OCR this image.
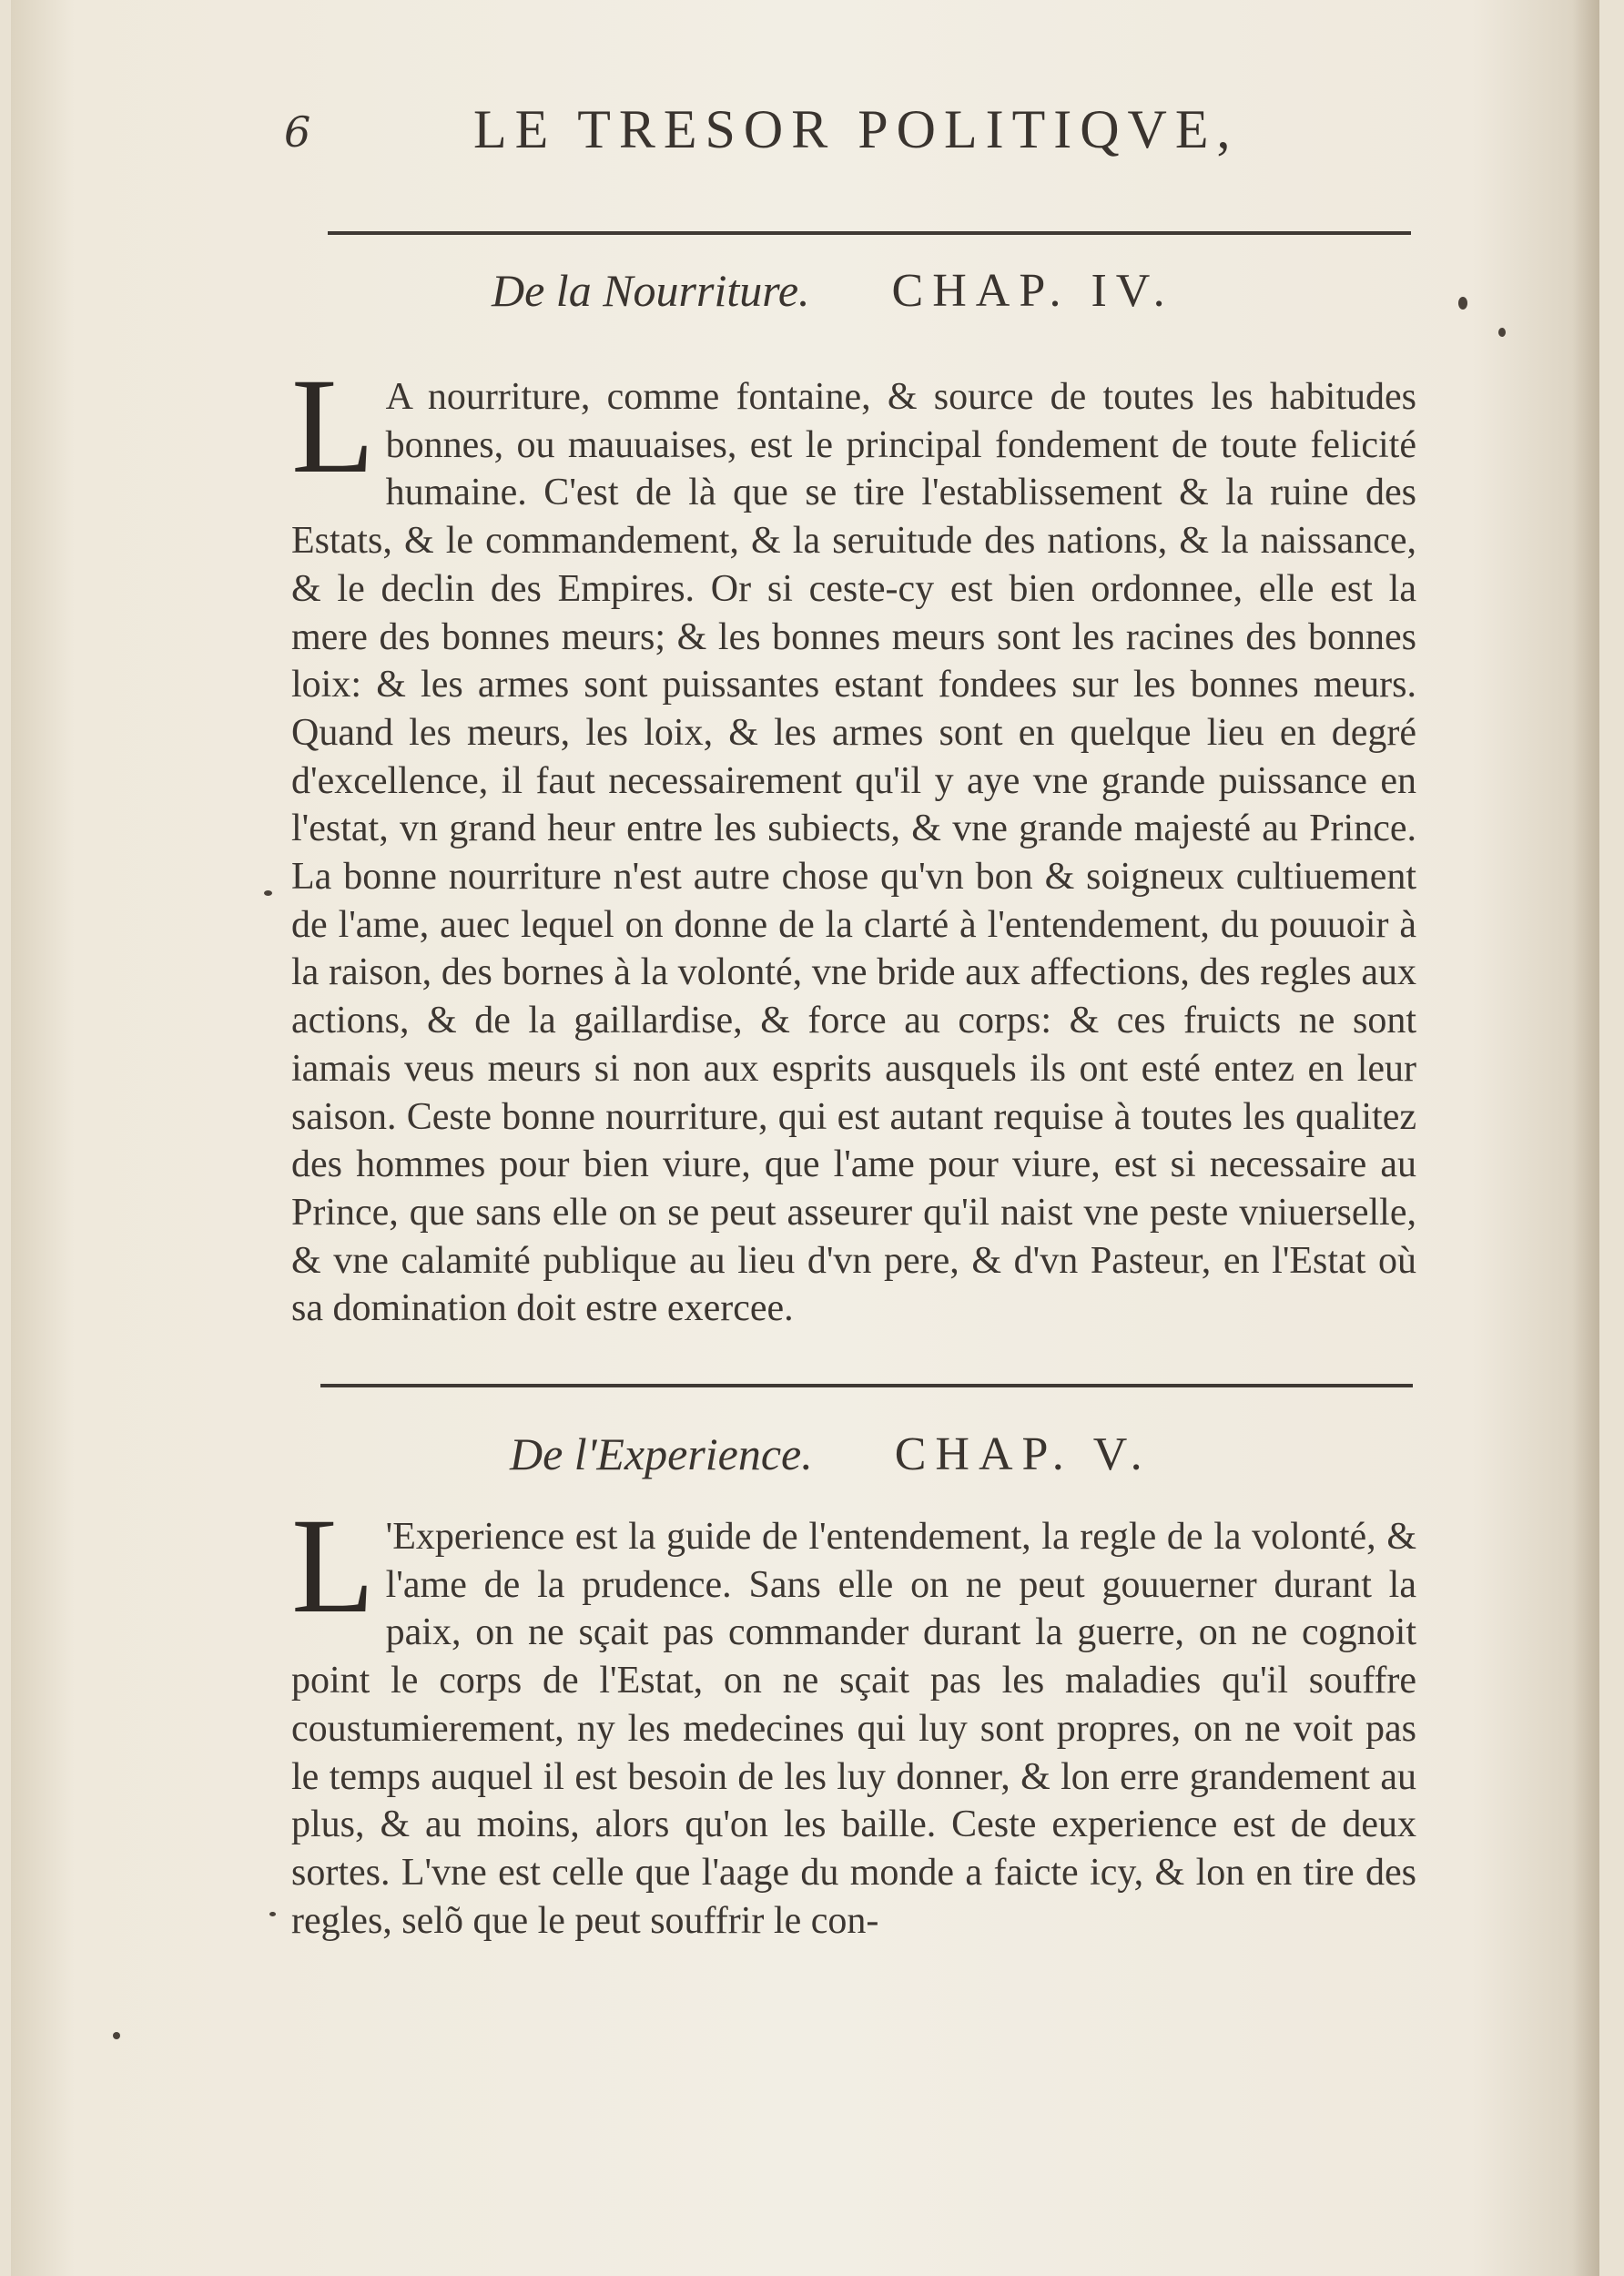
6	LE TRESOR POLITIQVE,
De la Nourriture. CHAP. IV.
L A nourriture, comme fontaine, & source de toutes les habitudes bonnes, ou mauuaises, est le principal fondement de toute felicité humaine. C'est de là que se tire l'establissement & la ruine des Estats, & le commandement, & la seruitude des nations, & la naissance, & le declin des Empires. Or si ceste-cy est bien ordonnee, elle est la mere des bonnes meurs; & les bonnes meurs sont les racines des bonnes loix: & les armes sont puissantes estant fondees sur les bonnes meurs. Quand les meurs, les loix, & les armes sont en quelque lieu en degré d'excellence, il faut necessairement qu'il y aye vne grande puissance en l'estat, vn grand heur entre les subiects, & vne grande majesté au Prince. La bonne nourriture n'est autre chose qu'vn bon & soigneux cultiuement de l'ame, auec lequel on donne de la clarté à l'entendement, du pouuoir à la raison, des bornes à la volonté, vne bride aux affections, des regles aux actions, & de la gaillardise, & force au corps: & ces fruicts ne sont iamais veus meurs si non aux esprits ausquels ils ont esté entez en leur saison. Ceste bonne nourriture, qui est autant requise à toutes les qualitez des hommes pour bien viure, que l'ame pour viure, est si necessaire au Prince, que sans elle on se peut asseurer qu'il naist vne peste vniuerselle, & vne calamité publique au lieu d'vn pere, & d'vn Pasteur, en l'Estat où sa domination doit estre exercee.
De l'Experience. CHAP. V.
L 'Experience est la guide de l'entendement, la regle de la volonté, & l'ame de la prudence. Sans elle on ne peut gouuerner durant la paix, on ne sçait pas commander durant la guerre, on ne cognoit point le corps de l'Estat, on ne sçait pas les maladies qu'il souffre coustumierement, ny les medecines qui luy sont propres, on ne voit pas le temps auquel il est besoin de les luy donner, & lon erre grandement au plus, & au moins, alors qu'on les baille. Ceste experience est de deux sortes. L'vne est celle que l'aage du monde a faicte icy, & lon en tire des regles, selõ que le peut souffrir le con-
